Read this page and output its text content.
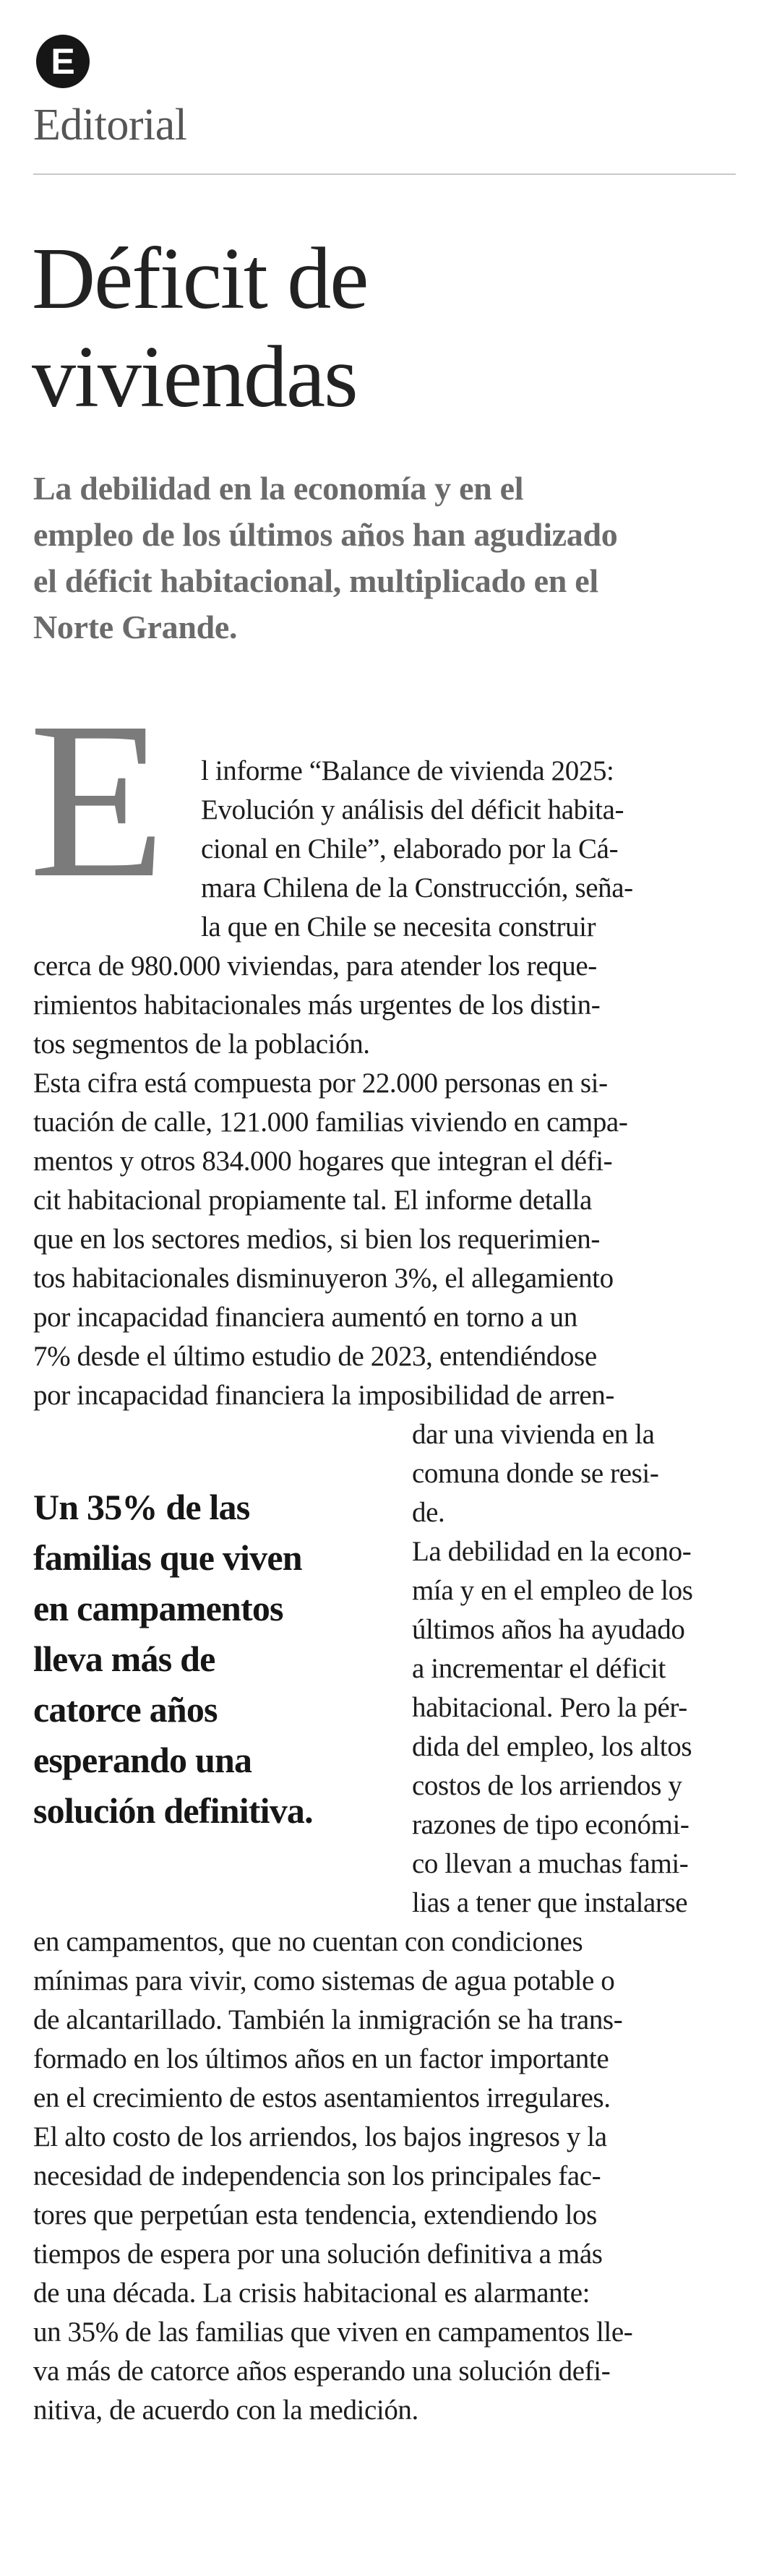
E
Editorial
Déficit de
viviendas
La debilidad en la economía y en el
empleo de los últimos años han agudizado
el déficit habitacional, multiplicado en el
Norte Grande.
E l informe “Balance de vivienda 2025:
Evolución y análisis del déficit habita-
cional en Chile”, elaborado por la Cá-
mara Chilena de la Construcción, seña-
la que en Chile se necesita construir
cerca de 980.000 viviendas, para atender los reque-
rimientos habitacionales más urgentes de los distin-
tos segmentos de la población.
Esta cifra está compuesta por 22.000 personas en si-
tuación de calle, 121.000 familias viviendo en campa-
mentos y otros 834.000 hogares que integran el défi-
cit habitacional propiamente tal. El informe detalla
que en los sectores medios, si bien los requerimien-
tos habitacionales disminuyeron 3%, el allegamiento
por incapacidad financiera aumentó en torno a un
7% desde el último estudio de 2023, entendiéndose
por incapacidad financiera la imposibilidad de arren-
Un 35% de las
familias que viven
en campamentos
lleva más de
catorce años
esperando una
solución definitiva.
dar una vivienda en la
comuna donde se resi-
de.
La debilidad en la econo-
mía y en el empleo de los
últimos años ha ayudado
a incrementar el déficit
habitacional. Pero la pér-
dida del empleo, los altos
costos de los arriendos y
razones de tipo económi-
co llevan a muchas fami-
lias a tener que instalarse
en campamentos, que no cuentan con condiciones
mínimas para vivir, como sistemas de agua potable o
de alcantarillado. También la inmigración se ha trans-
formado en los últimos años en un factor importante
en el crecimiento de estos asentamientos irregulares.
El alto costo de los arriendos, los bajos ingresos y la
necesidad de independencia son los principales fac-
tores que perpetúan esta tendencia, extendiendo los
tiempos de espera por una solución definitiva a más
de una década. La crisis habitacional es alarmante:
un 35% de las familias que viven en campamentos lle-
va más de catorce años esperando una solución defi-
nitiva, de acuerdo con la medición.
